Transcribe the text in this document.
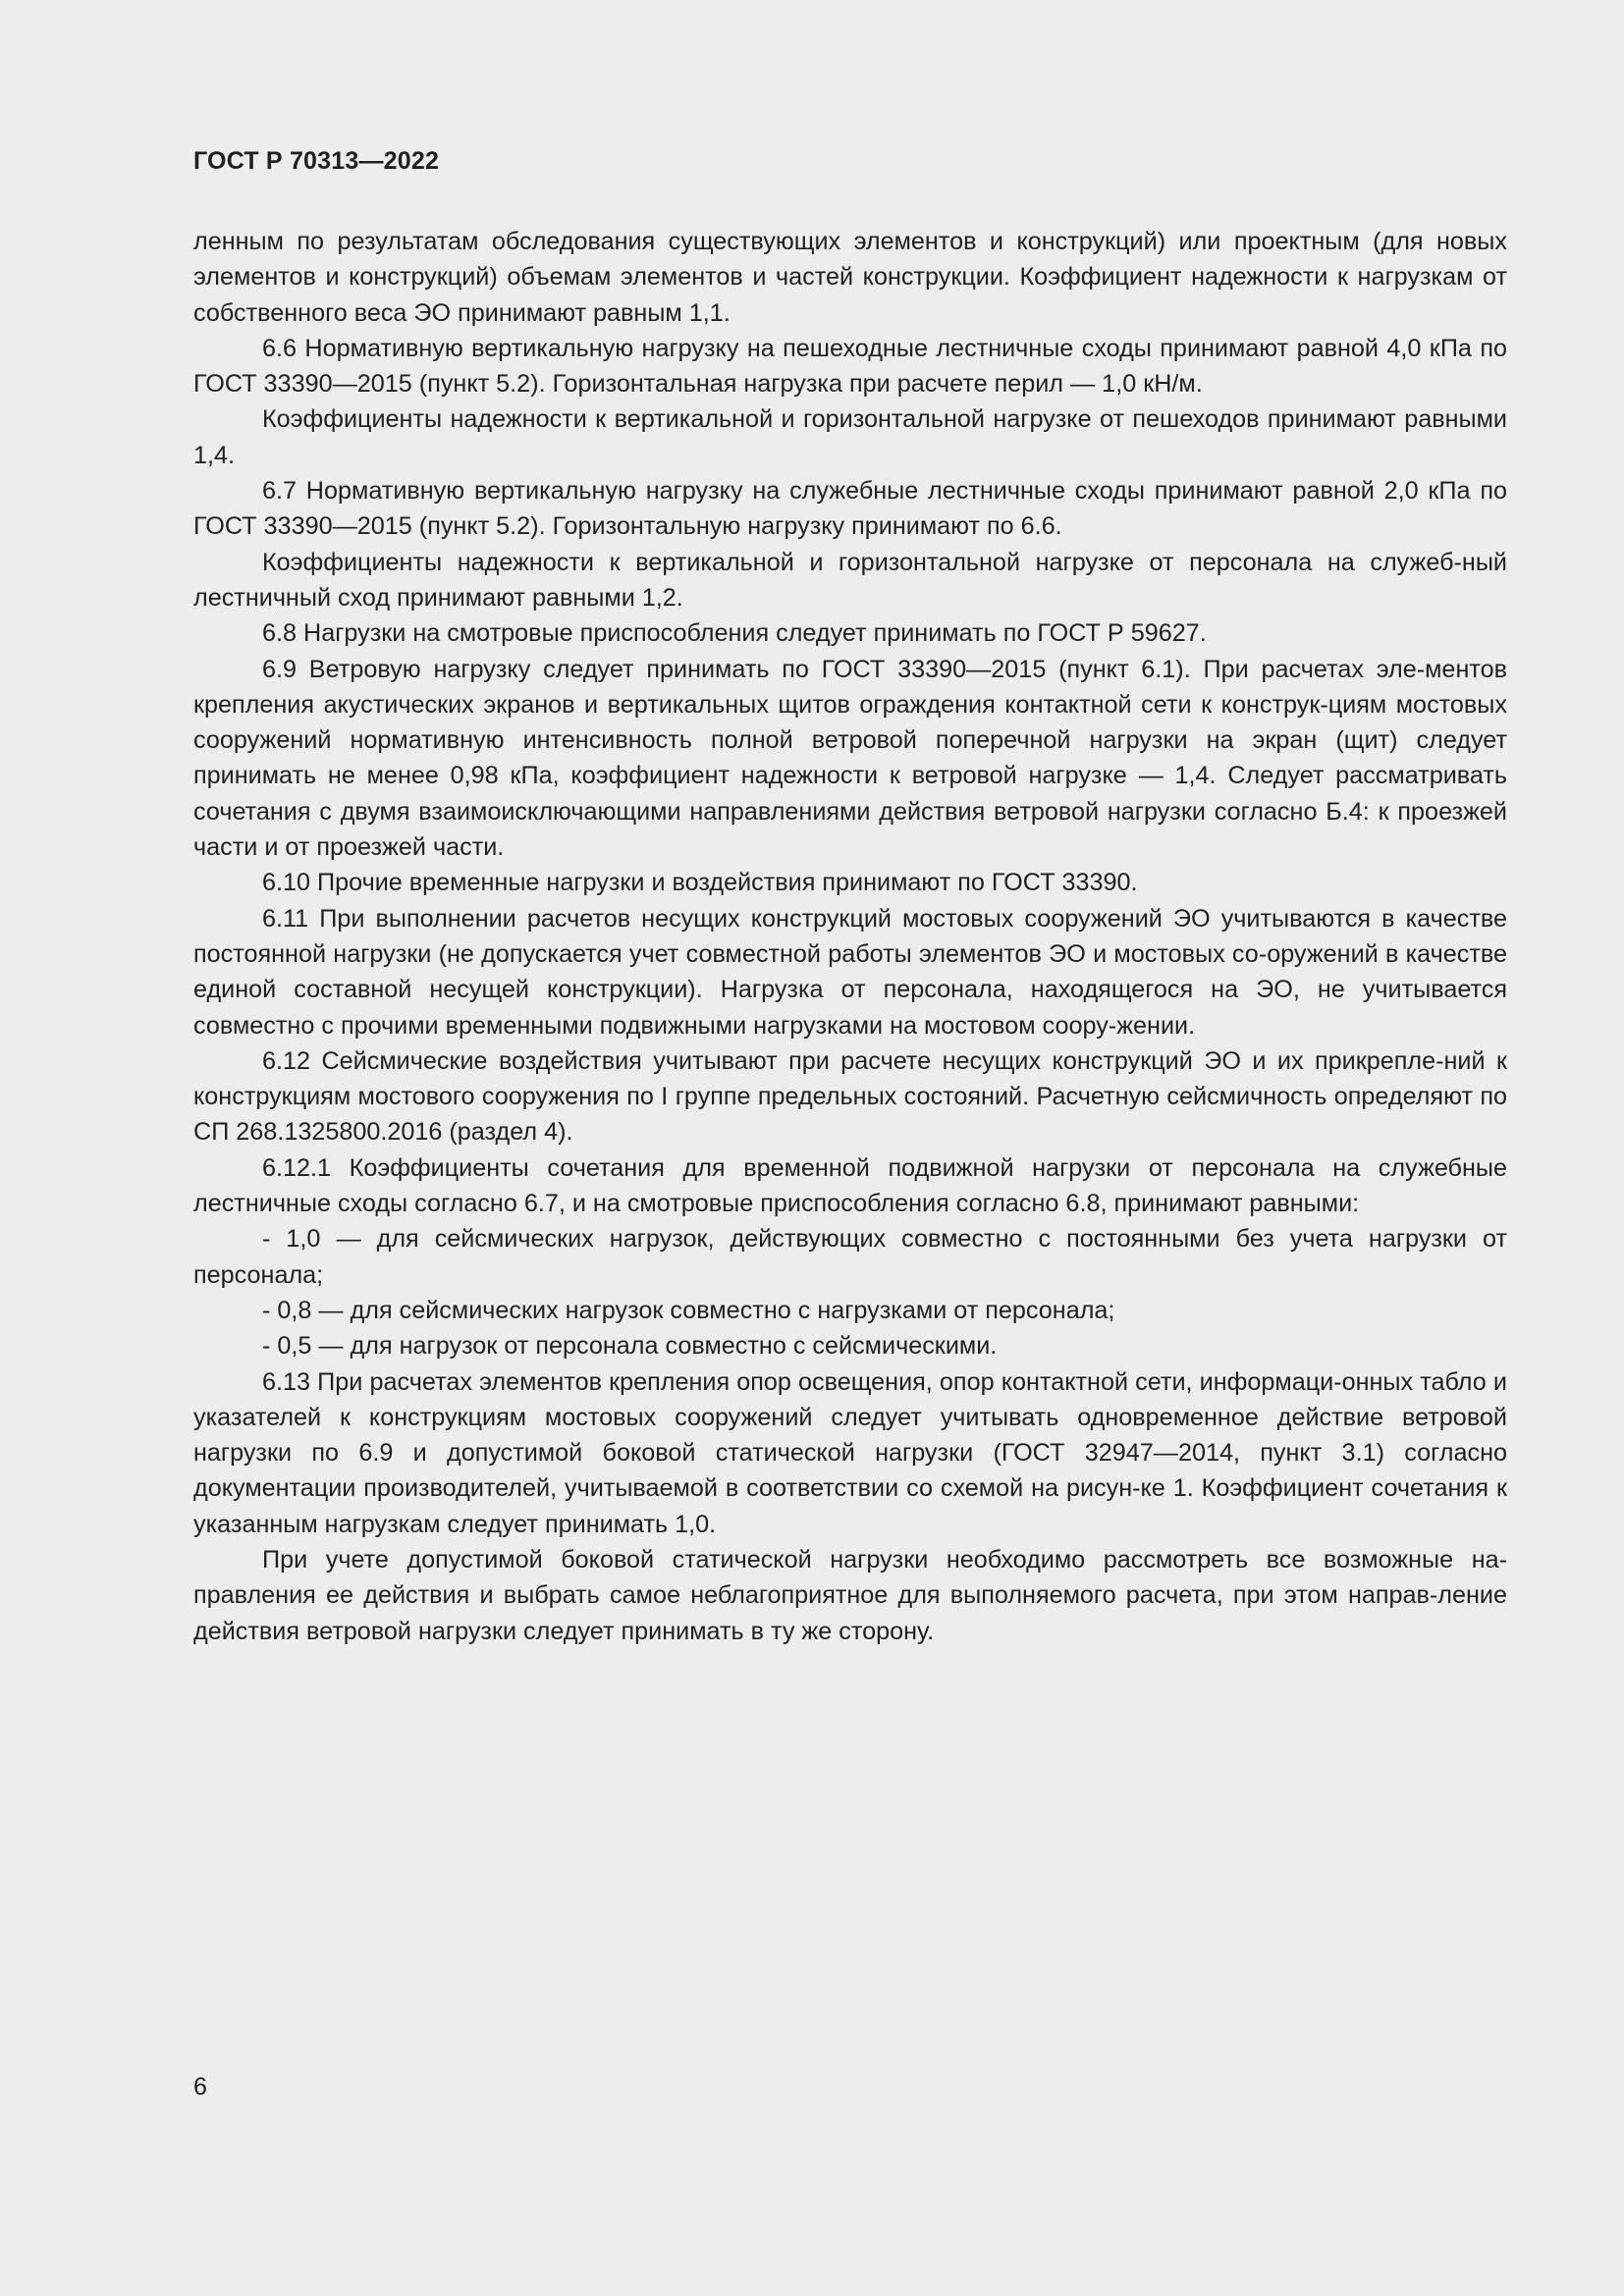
ГОСТ Р 70313—2022

ленным по результатам обследования существующих элементов и конструкций) или проектным (для новых элементов и конструкций) объемам элементов и частей конструкции. Коэффициент надежности к нагрузкам от собственного веса ЭО принимают равным 1,1.

6.6 Нормативную вертикальную нагрузку на пешеходные лестничные сходы принимают равной 4,0 кПа по ГОСТ 33390—2015 (пункт 5.2). Горизонтальная нагрузка при расчете перил — 1,0 кН/м.

Коэффициенты надежности к вертикальной и горизонтальной нагрузке от пешеходов принимают равными 1,4.

6.7 Нормативную вертикальную нагрузку на служебные лестничные сходы принимают равной 2,0 кПа по ГОСТ 33390—2015 (пункт 5.2). Горизонтальную нагрузку принимают по 6.6.

Коэффициенты надежности к вертикальной и горизонтальной нагрузке от персонала на служеб-ный лестничный сход принимают равными 1,2.

6.8 Нагрузки на смотровые приспособления следует принимать по ГОСТ Р 59627.

6.9 Ветровую нагрузку следует принимать по ГОСТ 33390—2015 (пункт 6.1). При расчетах эле-ментов крепления акустических экранов и вертикальных щитов ограждения контактной сети к конструк-циям мостовых сооружений нормативную интенсивность полной ветровой поперечной нагрузки на экран (щит) следует принимать не менее 0,98 кПа, коэффициент надежности к ветровой нагрузке — 1,4. Следует рассматривать сочетания с двумя взаимоисключающими направлениями действия ветровой нагрузки согласно Б.4: к проезжей части и от проезжей части.

6.10 Прочие временные нагрузки и воздействия принимают по ГОСТ 33390.

6.11 При выполнении расчетов несущих конструкций мостовых сооружений ЭО учитываются в качестве постоянной нагрузки (не допускается учет совместной работы элементов ЭО и мостовых со-оружений в качестве единой составной несущей конструкции). Нагрузка от персонала, находящегося на ЭО, не учитывается совместно с прочими временными подвижными нагрузками на мостовом соору-жении.

6.12 Сейсмические воздействия учитывают при расчете несущих конструкций ЭО и их прикрепле-ний к конструкциям мостового сооружения по I группе предельных состояний. Расчетную сейсмичность определяют по СП 268.1325800.2016 (раздел 4).

6.12.1 Коэффициенты сочетания для временной подвижной нагрузки от персонала на служебные лестничные сходы согласно 6.7, и на смотровые приспособления согласно 6.8, принимают равными:

- 1,0 — для сейсмических нагрузок, действующих совместно с постоянными без учета нагрузки от персонала;

- 0,8 — для сейсмических нагрузок совместно с нагрузками от персонала;

- 0,5 — для нагрузок от персонала совместно с сейсмическими.

6.13 При расчетах элементов крепления опор освещения, опор контактной сети, информаци-онных табло и указателей к конструкциям мостовых сооружений следует учитывать одновременное действие ветровой нагрузки по 6.9 и допустимой боковой статической нагрузки (ГОСТ 32947—2014, пункт 3.1) согласно документации производителей, учитываемой в соответствии со схемой на рисун-ке 1. Коэффициент сочетания к указанным нагрузкам следует принимать 1,0.

При учете допустимой боковой статической нагрузки необходимо рассмотреть все возможные на-правления ее действия и выбрать самое неблагоприятное для выполняемого расчета, при этом направ-ление действия ветровой нагрузки следует принимать в ту же сторону.

6
